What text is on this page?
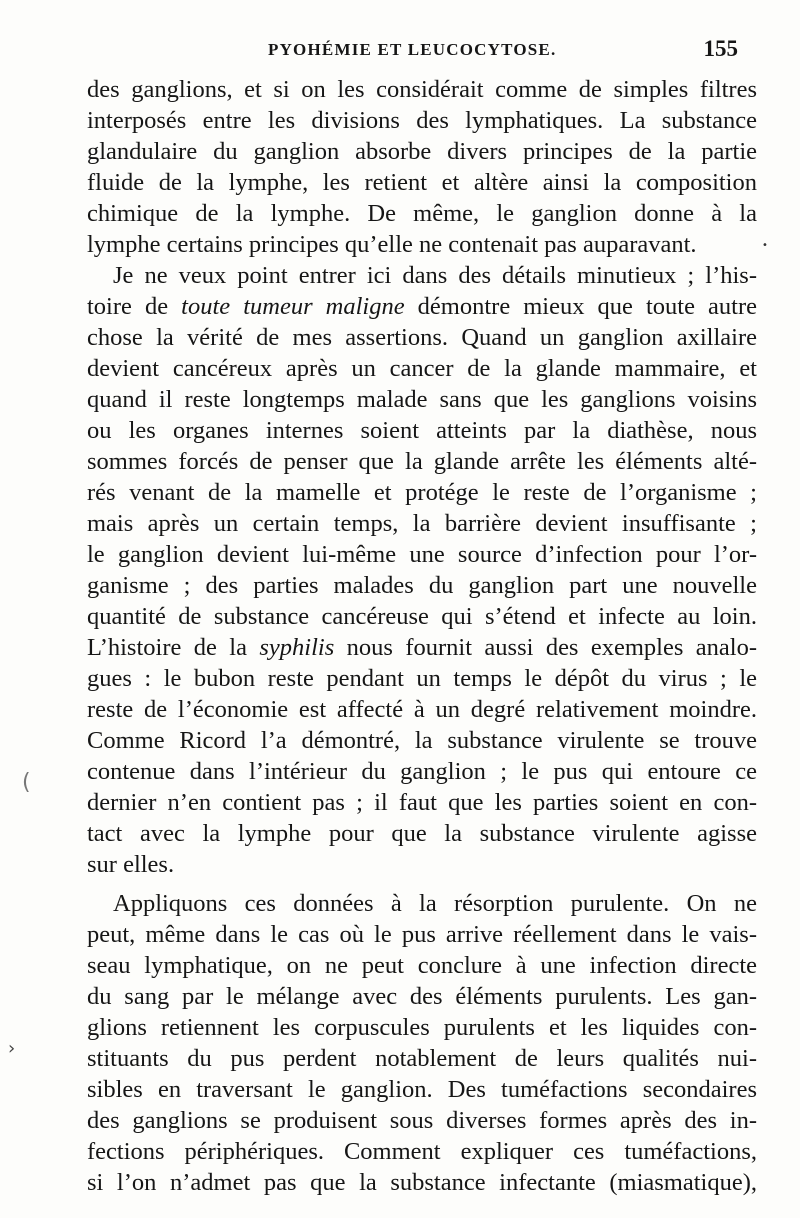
PYOHÉMIE ET LEUCOCYTOSE.	155
des ganglions, et si on les considérait comme de simples filtres
interposés entre les divisions des lymphatiques. La substance
glandulaire du ganglion absorbe divers principes de la partie
fluide de la lymphe, les retient et altère ainsi la composition
chimique de la lymphe. De même, le ganglion donne à la
lymphe certains principes qu’elle ne contenait pas auparavant.
Je ne veux point entrer ici dans des détails minutieux ; l’his-
toire de toute tumeur maligne démontre mieux que toute autre
chose la vérité de mes assertions. Quand un ganglion axillaire
devient cancéreux après un cancer de la glande mammaire, et
quand il reste longtemps malade sans que les ganglions voisins
ou les organes internes soient atteints par la diathèse, nous
sommes forcés de penser que la glande arrête les éléments alté-
rés venant de la mamelle et protége le reste de l’organisme ;
mais après un certain temps, la barrière devient insuffisante ;
le ganglion devient lui-même une source d’infection pour l’or-
ganisme ; des parties malades du ganglion part une nouvelle
quantité de substance cancéreuse qui s’étend et infecte au loin.
L’histoire de la syphilis nous fournit aussi des exemples analo-
gues : le bubon reste pendant un temps le dépôt du virus ; le
reste de l’économie est affecté à un degré relativement moindre.
Comme Ricord l’a démontré, la substance virulente se trouve
contenue dans l’intérieur du ganglion ; le pus qui entoure ce
dernier n’en contient pas ; il faut que les parties soient en con-
tact avec la lymphe pour que la substance virulente agisse
sur elles.
Appliquons ces données à la résorption purulente. On ne
peut, même dans le cas où le pus arrive réellement dans le vais-
seau lymphatique, on ne peut conclure à une infection directe
du sang par le mélange avec des éléments purulents. Les gan-
glions retiennent les corpuscules purulents et les liquides con-
stituants du pus perdent notablement de leurs qualités nui-
sibles en traversant le ganglion. Des tuméfactions secondaires
des ganglions se produisent sous diverses formes après des in-
fections périphériques. Comment expliquer ces tuméfactions,
si l’on n’admet pas que la substance infectante (miasmatique),
•
(
›
